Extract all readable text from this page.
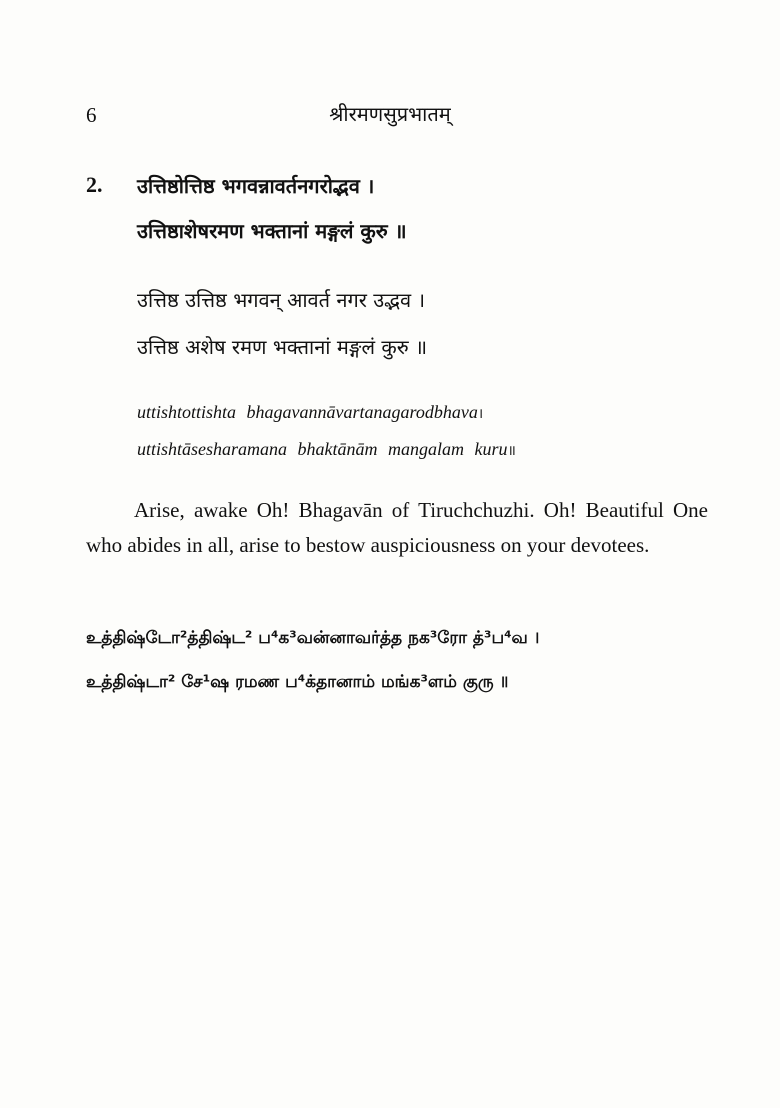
6	श्रीरमणसुप्रभातम्
2. उत्तिष्ठोत्तिष्ठ भगवन्नावर्तनगरोद्भव ।
उत्तिष्ठाशेषरमण भक्तानां मङ्गलं कुरु ॥
उत्तिष्ठ उत्तिष्ठ भगवन् आवर्त नगर उद्भव ।
उत्तिष्ठ अशेष रमण भक्तानां मङ्गलं कुरु ॥
uttishtottishta bhagavannāvartanagarodbhava।
uttishtāsesharamana bhaktānām mangalam kuru॥

Arise, awake Oh! Bhagavān of Tiruchchuzhi. Oh! Beautiful One who abides in all, arise to bestow auspiciousness on your devotees.

உத்திஷ்டோ²த்திஷ்ட² ப⁴க³வன்னாவர்த்த நக³ரோ த்³ப⁴வ ।
உத்திஷ்டா² சே¹ஷ ரமண ப⁴க்தானாம் மங்க³ளம் குரு ॥
